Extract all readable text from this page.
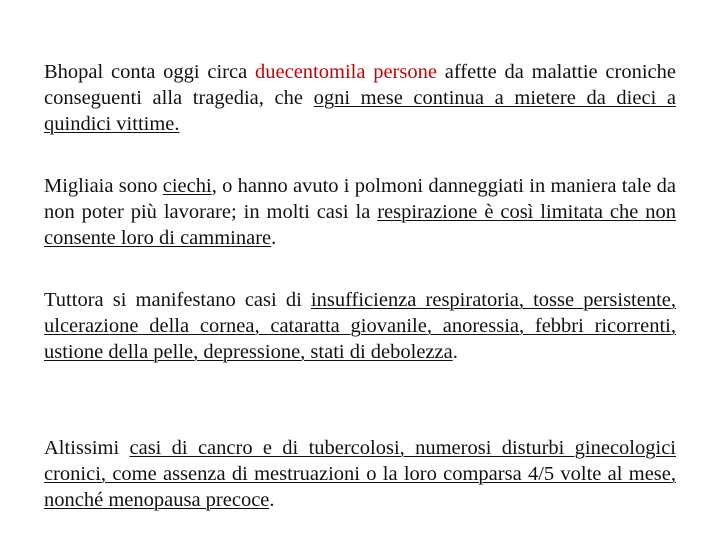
Bhopal conta oggi circa duecentomila persone affette da malattie croniche conseguenti alla tragedia, che ogni mese continua a mietere da dieci a quindici vittime.

Migliaia sono ciechi, o hanno avuto i polmoni danneggiati in maniera tale da non poter più lavorare; in molti casi la respirazione è così limitata che non consente loro di camminare.

Tuttora si manifestano casi di insufficienza respiratoria, tosse persistente, ulcerazione della cornea, cataratta giovanile, anoressia, febbri ricorrenti, ustione della pelle, depressione, stati di debolezza.

Altissimi casi di cancro e di tubercolosi, numerosi disturbi ginecologici cronici, come assenza di mestruazioni o la loro comparsa 4/5 volte al mese, nonché menopausa precoce.
